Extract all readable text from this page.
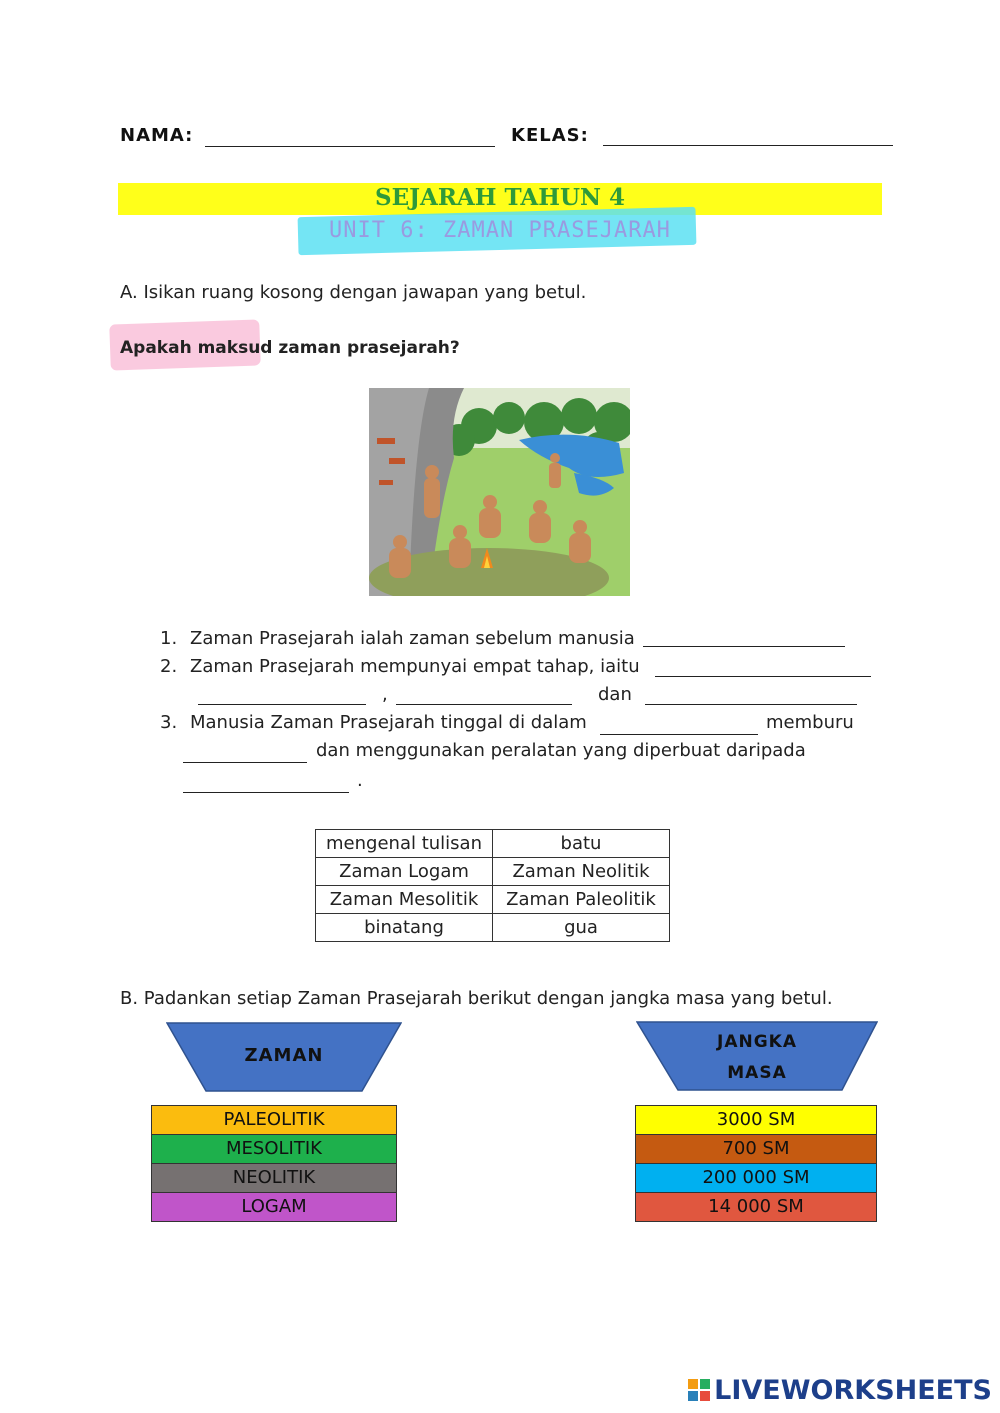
NAMA:	KELAS:
SEJARAH TAHUN 4
UNIT 6: ZAMAN PRASEJARAH
A. Isikan ruang kosong dengan jawapan yang betul.
Apakah maksud zaman prasejarah?
1. Zaman Prasejarah ialah zaman sebelum manusia
2. Zaman Prasejarah mempunyai empat tahap, iaitu
,	dan
3. Manusia Zaman Prasejarah tinggal di dalam	memburu
dan menggunakan peralatan yang diperbuat daripada
.
mengenal tulisan	batu
Zaman Logam	Zaman Neolitik
Zaman Mesolitik	Zaman Paleolitik
binatang	gua
B. Padankan setiap Zaman Prasejarah berikut dengan jangka masa yang betul.
ZAMAN
JANGKA
MASA
PALEOLITIK
MESOLITIK
NEOLITIK
LOGAM
3000 SM
700 SM
200 000 SM
14 000 SM
LIVEWORKSHEETS
